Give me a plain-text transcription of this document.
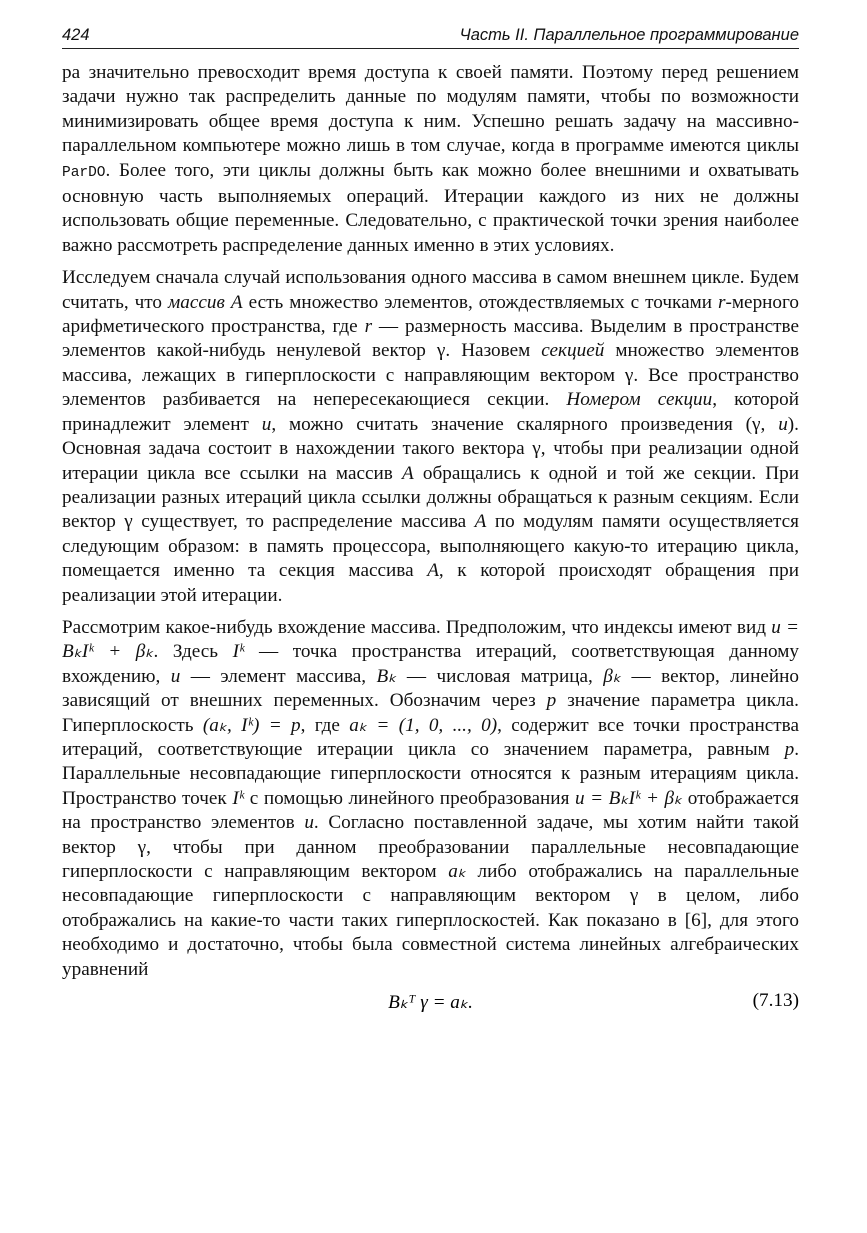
424	Часть II. Параллельное программирование

ра значительно превосходит время доступа к своей памяти. Поэтому перед решением задачи нужно так распределить данные по модулям памяти, чтобы по возможности минимизировать общее время доступа к ним. Успешно решать задачу на массивно-параллельном компьютере можно лишь в том случае, когда в программе имеются циклы ParDO. Более того, эти циклы должны быть как можно более внешними и охватывать основную часть выполняемых операций. Итерации каждого из них не должны использовать общие переменные. Следовательно, с практической точки зрения наиболее важно рассмотреть распределение данных именно в этих условиях.

Исследуем сначала случай использования одного массива в самом внешнем цикле. Будем считать, что массив A есть множество элементов, отождествляемых с точками r-мерного арифметического пространства, где r — размерность массива. Выделим в пространстве элементов какой-нибудь ненулевой вектор γ. Назовем секцией множество элементов массива, лежащих в гиперплоскости с направляющим вектором γ. Все пространство элементов разбивается на непересекающиеся секции. Номером секции, которой принадлежит элемент u, можно считать значение скалярного произведения (γ, u). Основная задача состоит в нахождении такого вектора γ, чтобы при реализации одной итерации цикла все ссылки на массив A обращались к одной и той же секции. При реализации разных итераций цикла ссылки должны обращаться к разным секциям. Если вектор γ существует, то распределение массива A по модулям памяти осуществляется следующим образом: в память процессора, выполняющего какую-то итерацию цикла, помещается именно та секция массива A, к которой происходят обращения при реализации этой итерации.

Рассмотрим какое-нибудь вхождение массива. Предположим, что индексы имеют вид u = BₖIᵏ + βₖ. Здесь Iᵏ — точка пространства итераций, соответствующая данному вхождению, u — элемент массива, Bₖ — числовая матрица, βₖ — вектор, линейно зависящий от внешних переменных. Обозначим через p значение параметра цикла. Гиперплоскость (aₖ, Iᵏ) = p, где aₖ = (1, 0, ..., 0), содержит все точки пространства итераций, соответствующие итерации цикла со значением параметра, равным p. Параллельные несовпадающие гиперплоскости относятся к разным итерациям цикла. Пространство точек Iᵏ с помощью линейного преобразования u = BₖIᵏ + βₖ отображается на пространство элементов u. Согласно поставленной задаче, мы хотим найти такой вектор γ, чтобы при данном преобразовании параллельные несовпадающие гиперплоскости с направляющим вектором aₖ либо отображались на параллельные несовпадающие гиперплоскости с направляющим вектором γ в целом, либо отображались на какие-то части таких гиперплоскостей. Как показано в [6], для этого необходимо и достаточно, чтобы была совместной система линейных алгебраических уравнений

Bₖᵀ γ = aₖ.	(7.13)
